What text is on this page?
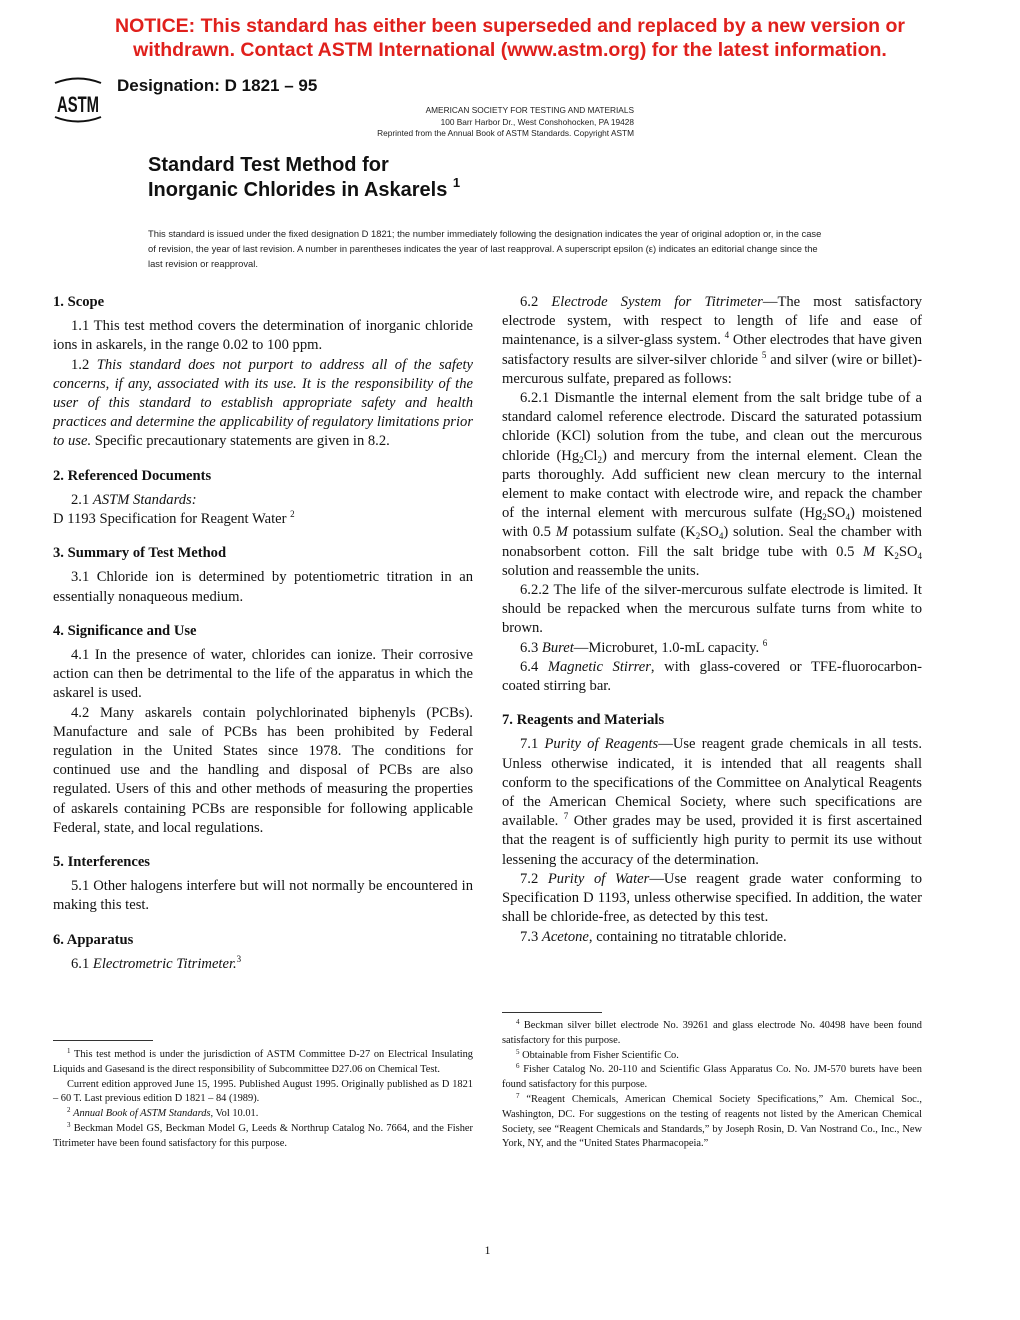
NOTICE: This standard has either been superseded and replaced by a new version or
withdrawn. Contact ASTM International (www.astm.org) for the latest information.
ASTM
Designation: D 1821 – 95
AMERICAN SOCIETY FOR TESTING AND MATERIALS
100 Barr Harbor Dr., West Conshohocken, PA 19428
Reprinted from the Annual Book of ASTM Standards. Copyright ASTM
Standard Test Method for
Inorganic Chlorides in Askarels $^1$
This standard is issued under the fixed designation D 1821; the number immediately following the designation indicates the year of original adoption or, in the case of revision, the year of last revision. A number in parentheses indicates the year of last reapproval. A superscript epsilon (ε) indicates an editorial change since the last revision or reapproval.
1. Scope

1.1 This test method covers the determination of inorganic chloride ions in askarels, in the range 0.02 to 100 ppm.

1.2 This standard does not purport to address all of the safety concerns, if any, associated with its use. It is the responsibility of the user of this standard to establish appropriate safety and health practices and determine the applicability of regulatory limitations prior to use. Specific precautionary statements are given in 8.2.

2. Referenced Documents

2.1 ASTM Standards:

D 1193 Specification for Reagent Water $^2$

3. Summary of Test Method

3.1 Chloride ion is determined by potentiometric titration in an essentially nonaqueous medium.

4. Significance and Use

4.1 In the presence of water, chlorides can ionize. Their corrosive action can then be detrimental to the life of the apparatus in which the askarel is used.

4.2 Many askarels contain polychlorinated biphenyls (PCBs). Manufacture and sale of PCBs has been prohibited by Federal regulation in the United States since 1978. The conditions for continued use and the handling and disposal of PCBs are also regulated. Users of this and other methods of measuring the properties of askarels containing PCBs are responsible for following applicable Federal, state, and local regulations.

5. Interferences

5.1 Other halogens interfere but will not normally be encountered in making this test.

6. Apparatus

6.1 Electrometric Titrimeter.$^3$

6.2 Electrode System for Titrimeter—The most satisfactory electrode system, with respect to length of life and ease of maintenance, is a silver-glass system. $^4$ Other electrodes that have given satisfactory results are silver-silver chloride $^5$ and silver (wire or billet)-mercurous sulfate, prepared as follows:

6.2.1 Dismantle the internal element from the salt bridge tube of a standard calomel reference electrode. Discard the saturated potassium chloride (KCl) solution from the tube, and clean out the mercurous chloride $(Hg_2Cl_2)$ and mercury from the internal element. Clean the parts thoroughly. Add sufficient new clean mercury to the internal element to make contact with electrode wire, and repack the chamber of the internal element with mercurous sulfate $(Hg_2SO_4)$ moistened with 0.5 M potassium sulfate $(K_2SO_4)$ solution. Seal the chamber with nonabsorbent cotton. Fill the salt bridge tube with 0.5 M $K_2SO_4$ solution and reassemble the units.

6.2.2 The life of the silver-mercurous sulfate electrode is limited. It should be repacked when the mercurous sulfate turns from white to brown.

6.3 Buret—Microburet, 1.0-mL capacity. $^6$

6.4 Magnetic Stirrer, with glass-covered or TFE-fluorocarbon-coated stirring bar.

7. Reagents and Materials

7.1 Purity of Reagents—Use reagent grade chemicals in all tests. Unless otherwise indicated, it is intended that all reagents shall conform to the specifications of the Committee on Analytical Reagents of the American Chemical Society, where such specifications are available. $^7$ Other grades may be used, provided it is first ascertained that the reagent is of sufficiently high purity to permit its use without lessening the accuracy of the determination.

7.2 Purity of Water—Use reagent grade water conforming to Specification D 1193, unless otherwise specified. In addition, the water shall be chloride-free, as detected by this test.

7.3 Acetone, containing no titratable chloride.

$^1$ This test method is under the jurisdiction of ASTM Committee D-27 on Electrical Insulating Liquids and Gasesand is the direct responsibility of Subcommittee D27.06 on Chemical Test.

Current edition approved June 15, 1995. Published August 1995. Originally published as D 1821 – 60 T. Last previous edition D 1821 – 84 (1989).

$^2$ Annual Book of ASTM Standards, Vol 10.01.

$^3$ Beckman Model GS, Beckman Model G, Leeds & Northrup Catalog No. 7664, and the Fisher Titrimeter have been found satisfactory for this purpose.

$^4$ Beckman silver billet electrode No. 39261 and glass electrode No. 40498 have been found satisfactory for this purpose.

$^5$ Obtainable from Fisher Scientific Co.

$^6$ Fisher Catalog No. 20-110 and Scientific Glass Apparatus Co. No. JM-570 burets have been found satisfactory for this purpose.

$^7$ “Reagent Chemicals, American Chemical Society Specifications,” Am. Chemical Soc., Washington, DC. For suggestions on the testing of reagents not listed by the American Chemical Society, see “Reagent Chemicals and Standards,” by Joseph Rosin, D. Van Nostrand Co., Inc., New York, NY, and the “United States Pharmacopeia.”

1
